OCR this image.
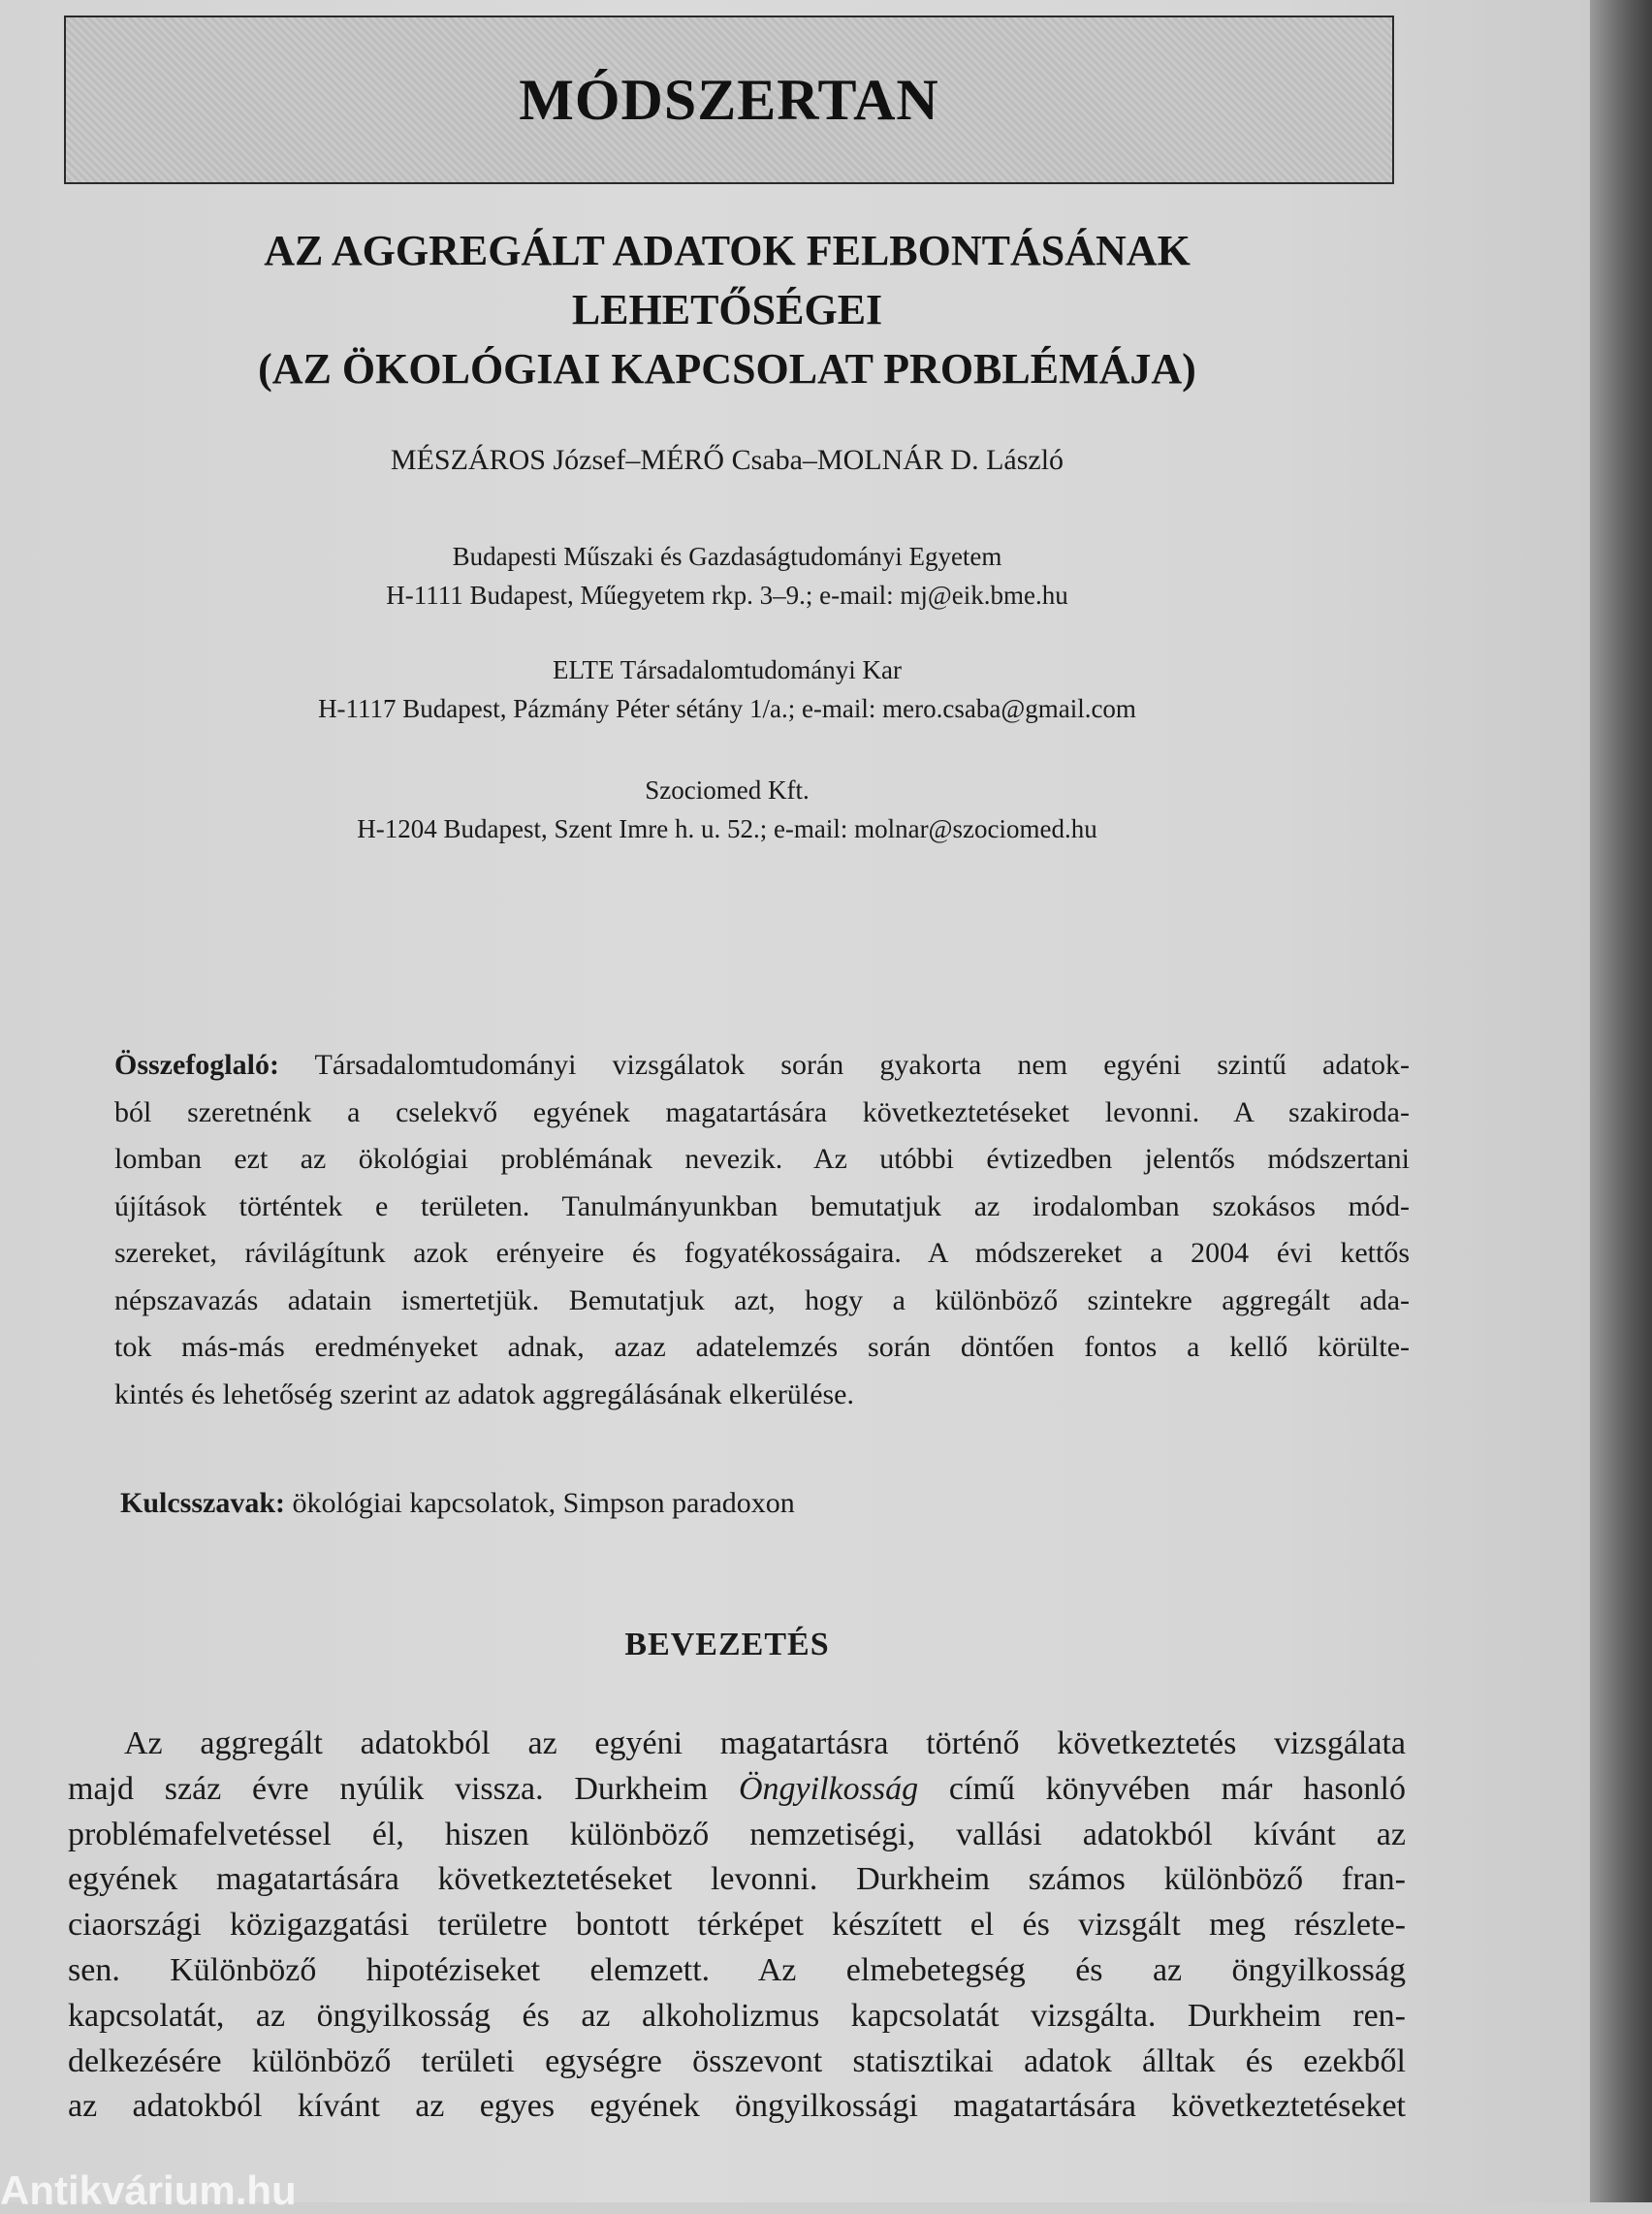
MÓDSZERTAN
AZ AGGREGÁLT ADATOK FELBONTÁSÁNAK
LEHETŐSÉGEI
(AZ ÖKOLÓGIAI KAPCSOLAT PROBLÉMÁJA)
MÉSZÁROS József–MÉRŐ Csaba–MOLNÁR D. László
Budapesti Műszaki és Gazdaságtudományi Egyetem
H-1111 Budapest, Műegyetem rkp. 3–9.; e-mail: mj@eik.bme.hu
ELTE Társadalomtudományi Kar
H-1117 Budapest, Pázmány Péter sétány 1/a.; e-mail: mero.csaba@gmail.com
Szociomed Kft.
H-1204 Budapest, Szent Imre h. u. 52.; e-mail: molnar@szociomed.hu
Összefoglaló: Társadalomtudományi vizsgálatok során gyakorta nem egyéni szintű adatok-
ból szeretnénk a cselekvő egyének magatartására következtetéseket levonni. A szakiroda-
lomban ezt az ökológiai problémának nevezik. Az utóbbi évtizedben jelentős módszertani
újítások történtek e területen. Tanulmányunkban bemutatjuk az irodalomban szokásos mód-
szereket, rávilágítunk azok erényeire és fogyatékosságaira. A módszereket a 2004 évi kettős
népszavazás adatain ismertetjük. Bemutatjuk azt, hogy a különböző szintekre aggregált ada-
tok más-más eredményeket adnak, azaz adatelemzés során döntően fontos a kellő körülte-
kintés és lehetőség szerint az adatok aggregálásának elkerülése.
Kulcsszavak: ökológiai kapcsolatok, Simpson paradoxon
BEVEZETÉS
Az aggregált adatokból az egyéni magatartásra történő következtetés vizsgálata
majd száz évre nyúlik vissza. Durkheim Öngyilkosság című könyvében már hasonló
problémafelvetéssel él, hiszen különböző nemzetiségi, vallási adatokból kívánt az
egyének magatartására következtetéseket levonni. Durkheim számos különböző fran-
ciaországi közigazgatási területre bontott térképet készített el és vizsgált meg részlete-
sen. Különböző hipotéziseket elemzett. Az elmebetegség és az öngyilkosság
kapcsolatát, az öngyilkosság és az alkoholizmus kapcsolatát vizsgálta. Durkheim ren-
delkezésére különböző területi egységre összevont statisztikai adatok álltak és ezekből
az adatokból kívánt az egyes egyének öngyilkossági magatartására következtetéseket
Antikvárium.hu
